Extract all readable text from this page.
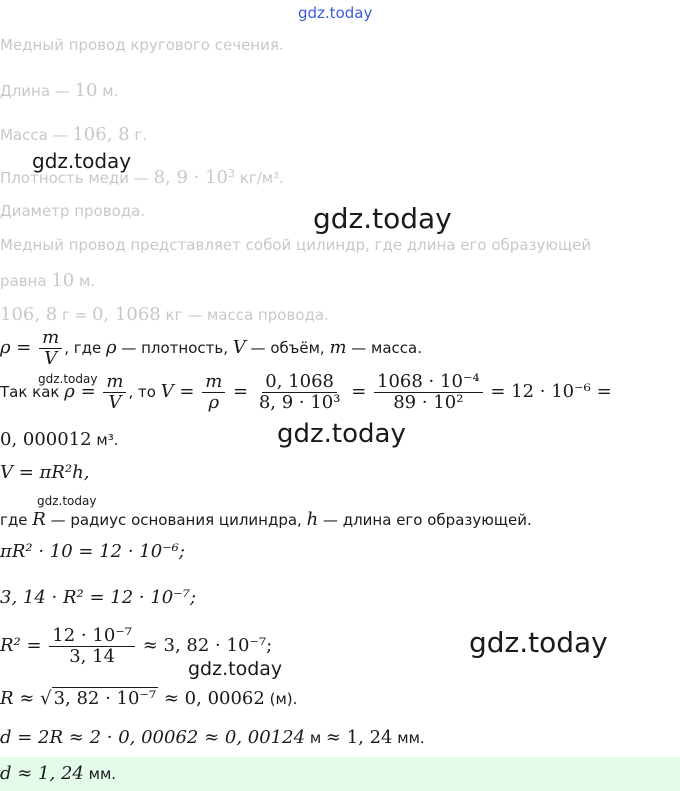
Медный провод кругового сечения.
Длина — 10 м.
Масса — 106, 8 г.
Плотность меди — 8, $9 \cdot 10^3$ кг/м³.
Диаметр провода.
Медный провод представляет собой цилиндр, где длина его образующей
равна 10 м.
106, 8 г = 0, 1068 кг — масса провода.
$\rho = \frac{m}{V}$ , где ρ — плотность, V — объём, m — масса.
Так как $\rho = \frac{m}{V}$ , то $V = \frac{m}{\rho} = \frac{0, 1068}{\text{8, 9 · 10³}} = \frac{\text{1068 · 10⁻⁴}}{\text{89 · 10²}} = 12 \cdot 10^{-6}$ =
0, 000012 м³.
V = πR²h,
где R — радиус основания цилиндра, h — длина его образующей.
πR² · 10 = 12 · 10⁻⁶;
3, 14 · R² = 12 · 10⁻⁷;
$R^2 = \frac{\text{12 · 10⁻⁷}}{3, 14} \approx 3$, 82 · 10⁻⁷;
R ≈ √ 3, 82 · 10⁻⁷ ≈ 0, 00062 (м).
d = 2R ≈ 2 · 0, 00062 ≈ 0, 00124 м ≈ 1, 24 мм.
d ≈ 1, 24 мм.
gdz.today
gdz.today
gdz.today
gdz.today
gdz.today
gdz.today
gdz.today
gdz.today
